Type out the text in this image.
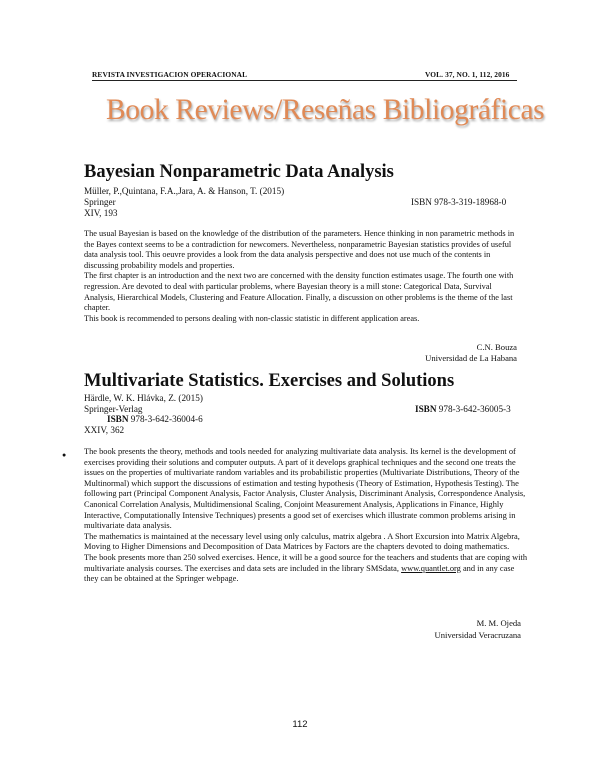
REVISTA INVESTIGACION OPERACIONAL	VOL. 37, NO. 1, 112, 2016
Book Reviews/Reseñas Bibliográficas
Bayesian Nonparametric Data Analysis
Müller, P.,Quintana, F.A.,Jara, A. & Hanson, T. (2015)
Springer	ISBN 978-3-319-18968-0
XIV, 193

The usual Bayesian is based on the knowledge of the distribution of the parameters. Hence thinking in non parametric methods in the Bayes context seems to be a contradiction for newcomers. Nevertheless, nonparametric Bayesian statistics provides of useful data analysis tool. This oeuvre provides a look from the data analysis perspective and does not use much of the contents in discussing probability models and properties.

The first chapter is an introduction and the next two are concerned with the density function estimates usage. The fourth one with regression. Are devoted to deal with particular problems, where Bayesian theory is a mill stone: Categorical Data, Survival Analysis, Hierarchical Models, Clustering and Feature Allocation. Finally, a discussion on other problems is the theme of the last chapter.

This book is recommended to persons dealing with non-classic statistic in different application areas.

C.N. Bouza
Universidad de La Habana
Multivariate Statistics. Exercises and Solutions
Härdle, W. K. Hlávka, Z. (2015)
Springer-Verlag	ISBN 978-3-642-36005-3
ISBN 978-3-642-36004-6
XXIV, 362
● The book presents the theory, methods and tools needed for analyzing multivariate data analysis. Its kernel is the development of exercises providing their solutions and computer outputs. A part of it develops graphical techniques and the second one treats the issues on the properties of multivariate random variables and its probabilistic properties (Multivariate Distributions, Theory of the Multinormal) which support the discussions of estimation and testing hypothesis (Theory of Estimation, Hypothesis Testing). The following part (Principal Component Analysis, Factor Analysis, Cluster Analysis, Discriminant Analysis, Correspondence Analysis, Canonical Correlation Analysis, Multidimensional Scaling, Conjoint Measurement Analysis, Applications in Finance, Highly Interactive, Computationally Intensive Techniques) presents a good set of exercises which illustrate common problems arising in multivariate data analysis.

The mathematics is maintained at the necessary level using only calculus, matrix algebra . A Short Excursion into Matrix Algebra, Moving to Higher Dimensions and Decomposition of Data Matrices by Factors are the chapters devoted to doing mathematics.

The book presents more than 250 solved exercises. Hence, it will be a good source for the teachers and students that are coping with multivariate analysis courses. The exercises and data sets are included in the library SMSdata, www.quantlet.org and in any case they can be obtained at the Springer webpage.

M. M. Ojeda
Universidad Veracruzana
112
